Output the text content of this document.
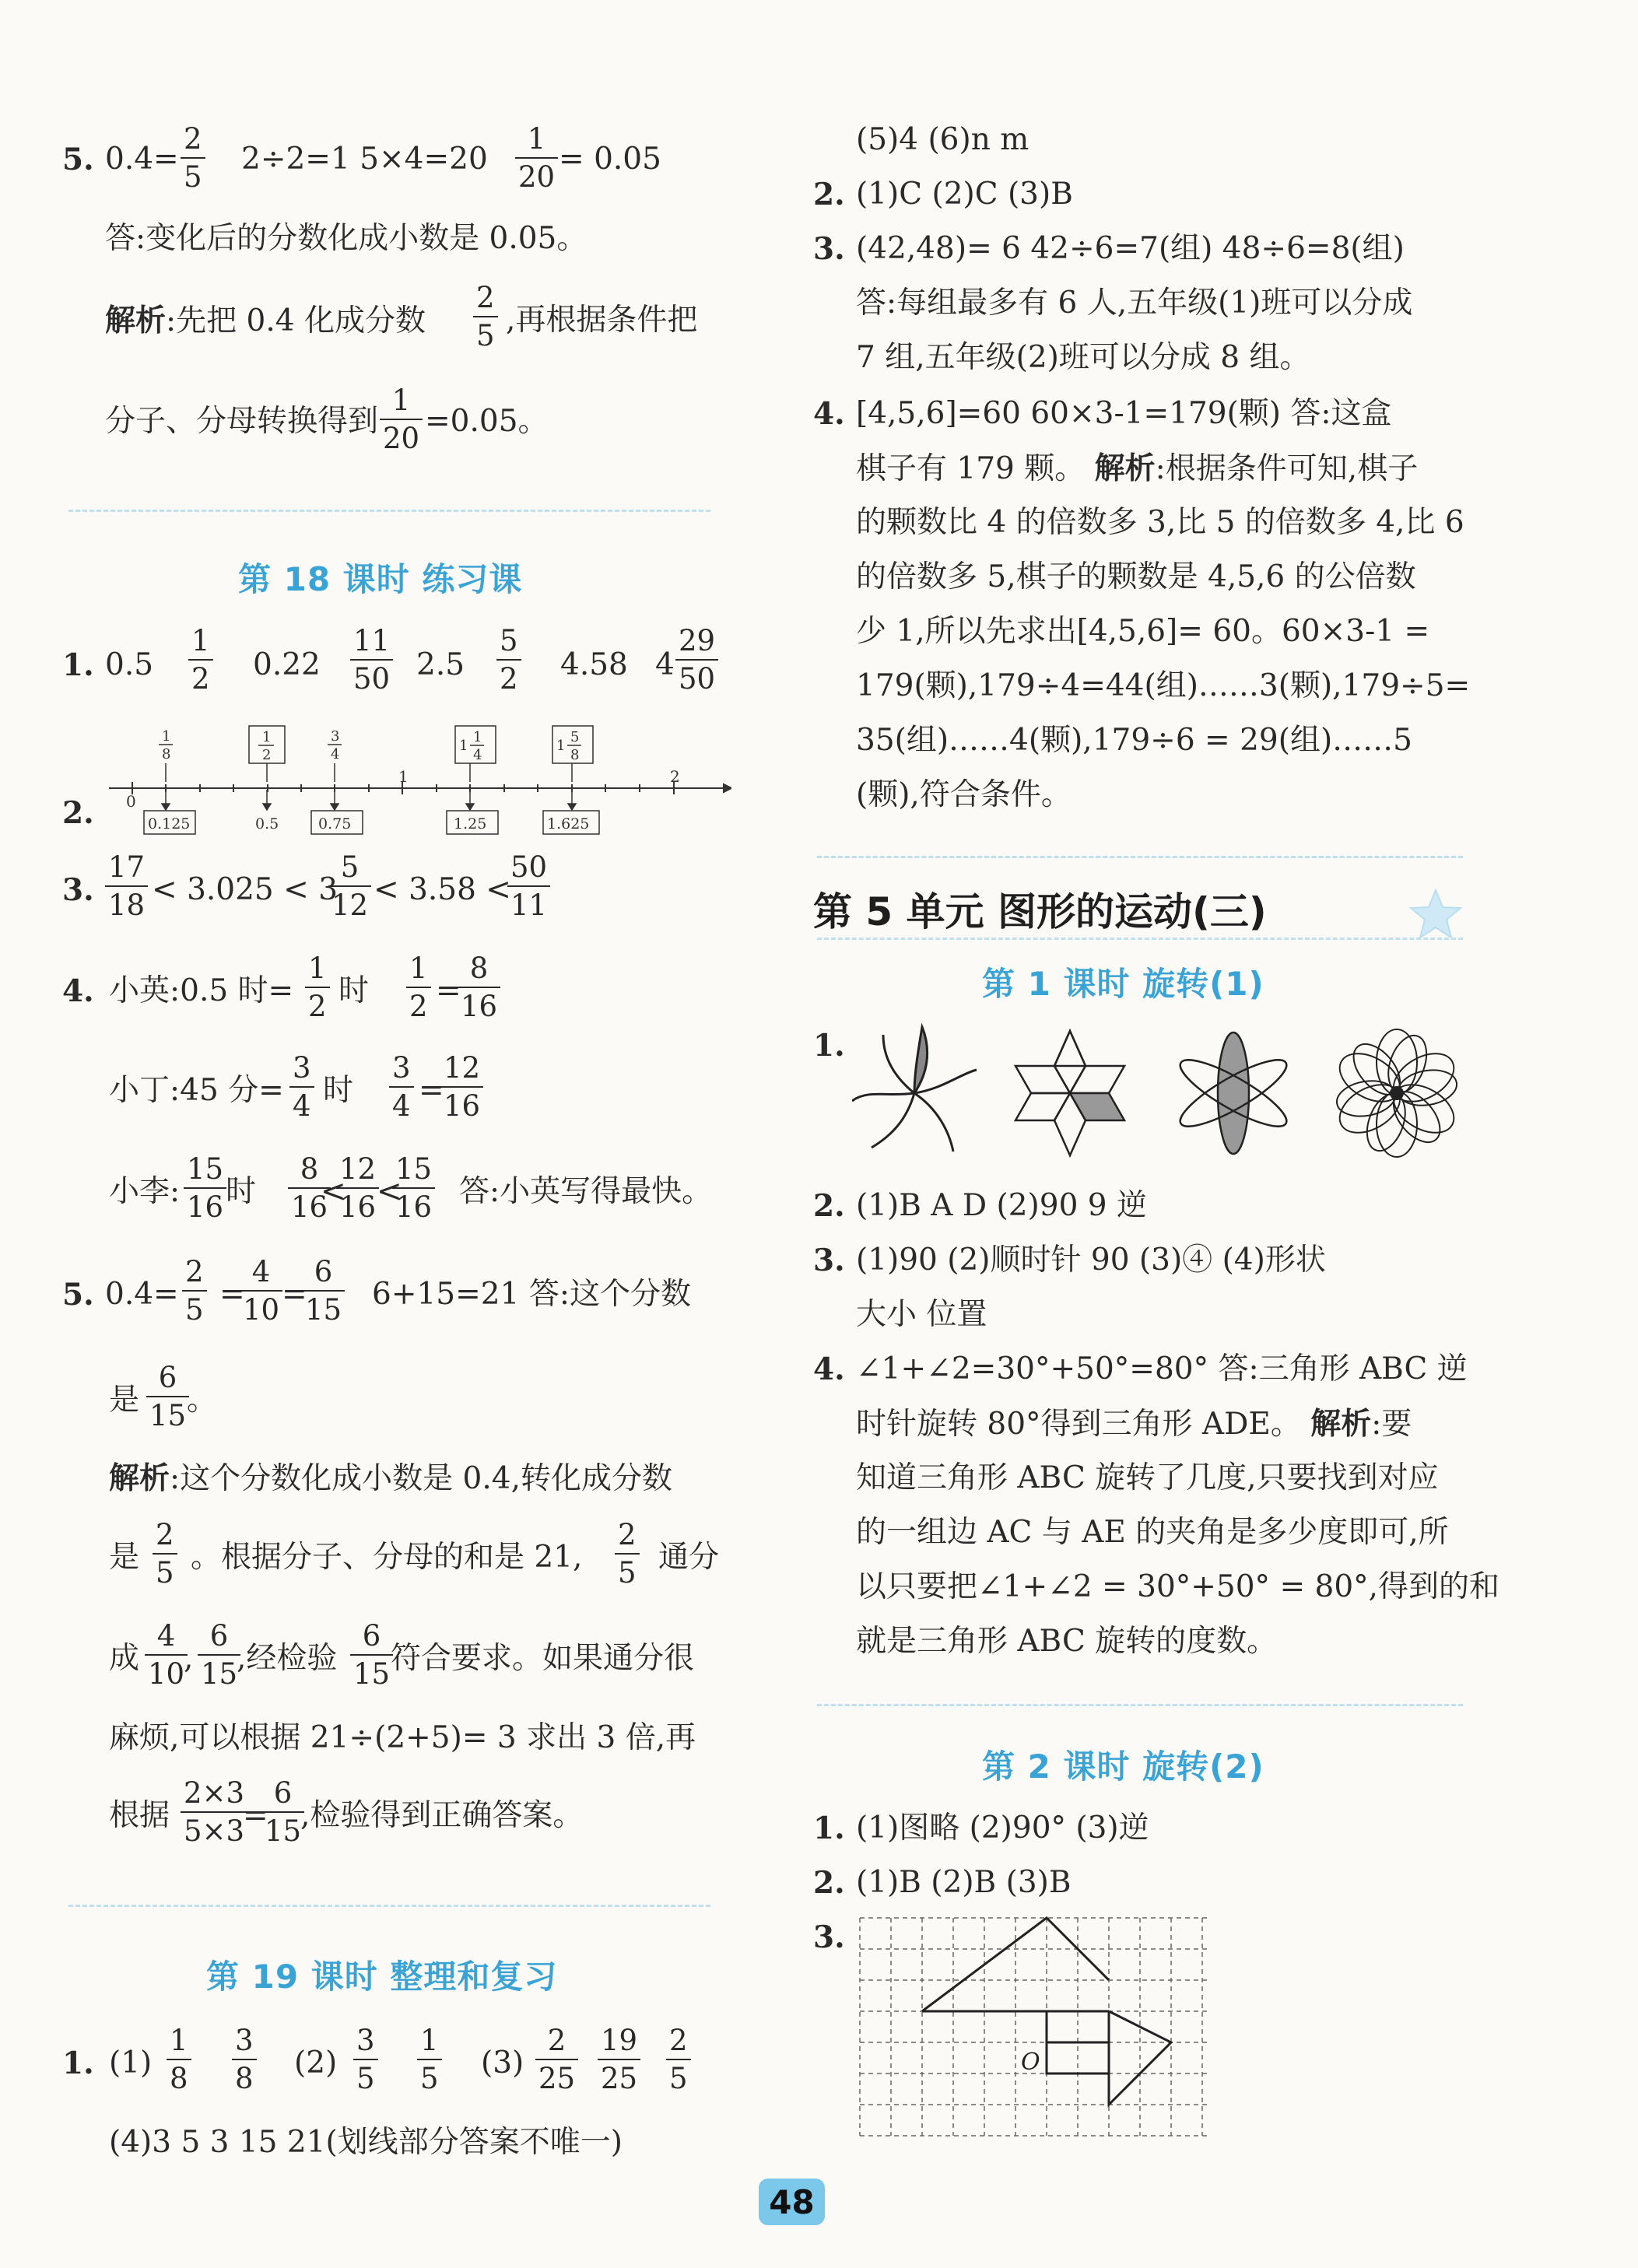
5. 0.4=
2
5
2÷2=1 5×4=20
1
20
= 0.05
答:变化后的分数化成小数是 0.05。
解析:先把 0.4 化成分数
2
5 ,再根据条件把
分子、分母转换得到
1
20 =0.05。
第 18 课时 练习课
1. 0.5
1
2 0.22
11
50 2.5
5
2 4.58 4
29
50
2. 0
1	2
1
8
1
2
3
4
1
1
4
1
5
8
0.125	0.5	0.75	1.25	1.625
3.
17
18 < 3.025 < 3
5
12 < 3.58 <
50
11
4. 小英:0.5 时=
1
2 时
1
2 =
8
16
小丁:45 分=
3
4 时
3
4 =
12
16
小李:
15
16 时
8
16
<
12
16 <
15
16 答:小英写得最快。
5. 0.4=
2
5 =
4
10 =
6
15 6+15=21 答:这个分数
是
6
15 。
解析:这个分数化成小数是 0.4,转化成分数
是
2
5 。根据分子、分母的和是 21,
2
5 通分
成
4
10
,
6
15
,经检验
6
15 符合要求。如果通分很
麻烦,可以根据 21÷(2+5)= 3 求出 3 倍,再
根据
2×3
5×3
=
6
15
,检验得到正确答案。
第 19 课时 整理和复习
1. (1)
1
8
3
8 (2)
3
5
1
5 (3)
2
25
19
25
2
5
(4)3 5 3 15 21(划线部分答案不唯一)
(5)4 (6)n m
2. (1)C (2)C (3)B
3. (42,48)= 6 42÷6=7(组) 48÷6=8(组)
答:每组最多有 6 人,五年级(1)班可以分成
7 组,五年级(2)班可以分成 8 组。
4. [4,5,6]=60 60×3-1=179(颗) 答:这盒
棋子有 179 颗。 解析:根据条件可知,棋子
的颗数比 4 的倍数多 3,比 5 的倍数多 4,比 6
的倍数多 5,棋子的颗数是 4,5,6 的公倍数
少 1,所以先求出[4,5,6]= 60。60×3-1 =
179(颗),179÷4=44(组)……3(颗),179÷5=
35(组)……4(颗),179÷6 = 29(组)……5
(颗),符合条件。
第 5 单元 图形的运动(三)
第 1 课时 旋转(1)
1.
2. (1)B A D (2)90 9 逆
3. (1)90 (2)顺时针 90 (3)④ (4)形状
大小 位置
4. ∠1+∠2=30°+50°=80° 答:三角形 ABC 逆
时针旋转 80°得到三角形 ADE。 解析:要
知道三角形 ABC 旋转了几度,只要找到对应
的一组边 AC 与 AE 的夹角是多少度即可,所
以只要把∠1+∠2 = 30°+50° = 80°,得到的和
就是三角形 ABC 旋转的度数。
第 2 课时 旋转(2)
1. (1)图略 (2)90° (3)逆
2. (1)B (2)B (3)B
3.
O
48
